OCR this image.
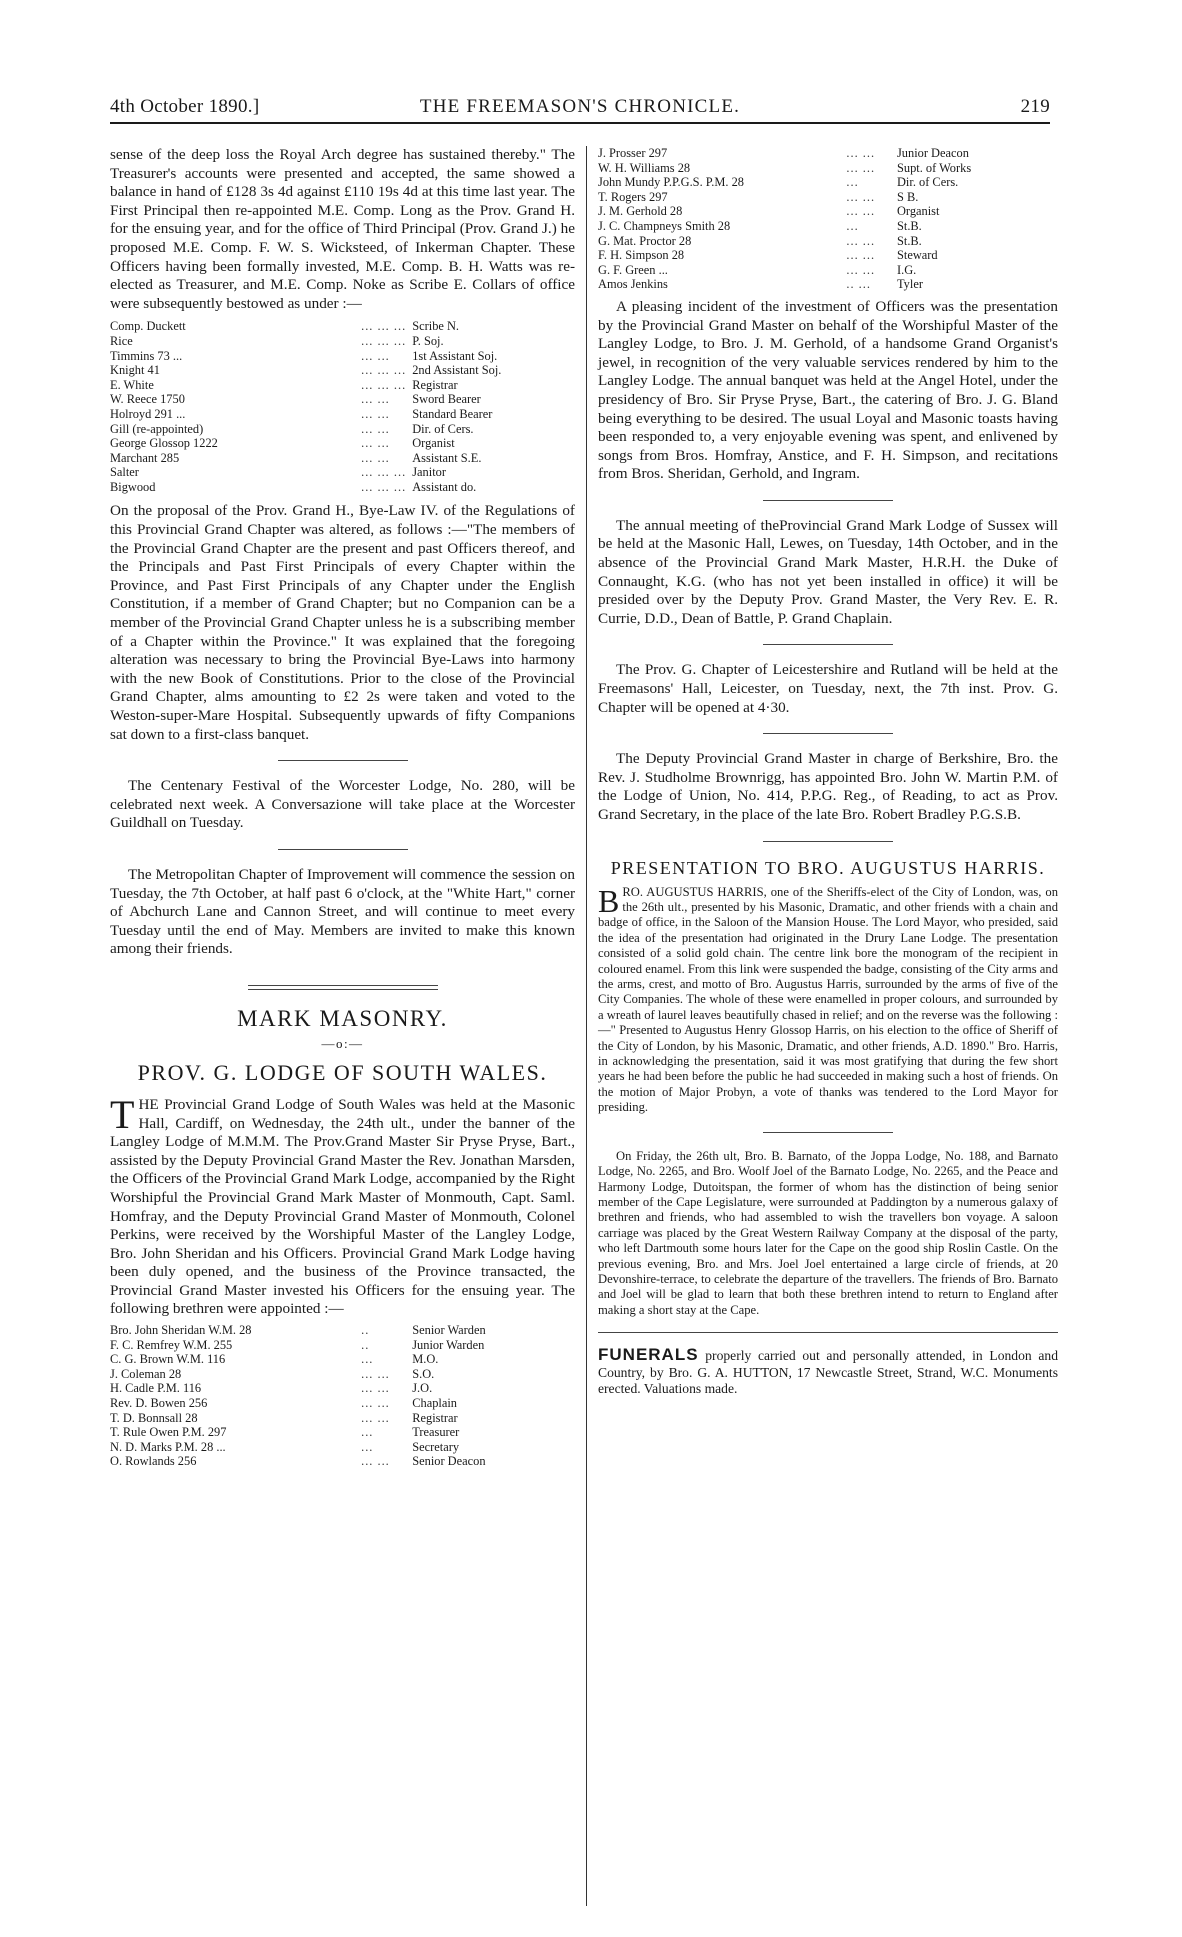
4th October 1890.]	THE FREEMASON'S CHRONICLE.	219

sense of the deep loss the Royal Arch degree has sustained thereby." The Treasurer's accounts were presented and accepted, the same showed a balance in hand of £128 3s 4d against £110 19s 4d at this time last year. The First Principal then re-appointed M.E. Comp. Long as the Prov. Grand H. for the ensuing year, and for the office of Third Principal (Prov. Grand J.) he proposed M.E. Comp. F. W. S. Wicksteed, of Inkerman Chapter. These Officers having been formally invested, M.E. Comp. B. H. Watts was re-elected as Treasurer, and M.E. Comp. Noke as Scribe E. Collars of office were subsequently bestowed as under :—

Comp. Duckett	... ... ...	Scribe N.
Rice	... ... ...	P. Soj.
Timmins 73 ...	... ...	1st Assistant Soj.
Knight 41	... ... ...	2nd Assistant Soj.
E. White	... ... ...	Registrar
W. Reece 1750	... ...	Sword Bearer
Holroyd 291 ...	... ...	Standard Bearer
Gill (re-appointed)	... ...	Dir. of Cers.
George Glossop 1222	... ...	Organist
Marchant 285	... ...	Assistant S.E.
Salter	... ... ...	Janitor
Bigwood	... ... ...	Assistant do.

On the proposal of the Prov. Grand H., Bye-Law IV. of the Regulations of this Provincial Grand Chapter was altered, as follows :—"The members of the Provincial Grand Chapter are the present and past Officers thereof, and the Principals and Past First Principals of every Chapter within the Province, and Past First Principals of any Chapter under the English Constitution, if a member of Grand Chapter; but no Companion can be a member of the Provincial Grand Chapter unless he is a subscribing member of a Chapter within the Province." It was explained that the foregoing alteration was necessary to bring the Provincial Bye-Laws into harmony with the new Book of Constitutions. Prior to the close of the Provincial Grand Chapter, alms amounting to £2 2s were taken and voted to the Weston-super-Mare Hospital. Subsequently upwards of fifty Companions sat down to a first-class banquet.

The Centenary Festival of the Worcester Lodge, No. 280, will be celebrated next week. A Conversazione will take place at the Worcester Guildhall on Tuesday.

The Metropolitan Chapter of Improvement will commence the session on Tuesday, the 7th October, at half past 6 o'clock, at the "White Hart," corner of Abchurch Lane and Cannon Street, and will continue to meet every Tuesday until the end of May. Members are invited to make this known among their friends.

MARK MASONRY.
—o:—
PROV. G. LODGE OF SOUTH WALES.

THE Provincial Grand Lodge of South Wales was held at the Masonic Hall, Cardiff, on Wednesday, the 24th ult., under the banner of the Langley Lodge of M.M.M. The Prov.Grand Master Sir Pryse Pryse, Bart., assisted by the Deputy Provincial Grand Master the Rev. Jonathan Marsden, the Officers of the Provincial Grand Mark Lodge, accompanied by the Right Worshipful the Provincial Grand Mark Master of Monmouth, Capt. Saml. Homfray, and the Deputy Provincial Grand Master of Monmouth, Colonel Perkins, were received by the Worshipful Master of the Langley Lodge, Bro. John Sheridan and his Officers. Provincial Grand Mark Lodge having been duly opened, and the business of the Province transacted, the Provincial Grand Master invested his Officers for the ensuing year. The following brethren were appointed :—

Bro. John Sheridan W.M. 28	..	Senior Warden
F. C. Remfrey W.M. 255	..	Junior Warden
C. G. Brown W.M. 116	...	M.O.
J. Coleman 28	... ...	S.O.
H. Cadle P.M. 116	... ...	J.O.
Rev. D. Bowen 256	... ...	Chaplain
T. D. Bonnsall 28	... ...	Registrar
T. Rule Owen P.M. 297	...	Treasurer
N. D. Marks P.M. 28 ...	...	Secretary
O. Rowlands 256	... ...	Senior Deacon
J. Prosser 297	... ...	Junior Deacon
W. H. Williams 28	... ...	Supt. of Works
John Mundy P.P.G.S. P.M. 28	...	Dir. of Cers.
T. Rogers 297	... ...	S B.
J. M. Gerhold 28	... ...	Organist
J. C. Champneys Smith 28	...	St.B.
G. Mat. Proctor 28	... ...	St.B.
F. H. Simpson 28	... ...	Steward
G. F. Green ...	... ...	I.G.
Amos Jenkins	.. ...	Tyler

A pleasing incident of the investment of Officers was the presentation by the Provincial Grand Master on behalf of the Worshipful Master of the Langley Lodge, to Bro. J. M. Gerhold, of a handsome Grand Organist's jewel, in recognition of the very valuable services rendered by him to the Langley Lodge. The annual banquet was held at the Angel Hotel, under the presidency of Bro. Sir Pryse Pryse, Bart., the catering of Bro. J. G. Bland being everything to be desired. The usual Loyal and Masonic toasts having been responded to, a very enjoyable evening was spent, and enlivened by songs from Bros. Homfray, Anstice, and F. H. Simpson, and recitations from Bros. Sheridan, Gerhold, and Ingram.

The annual meeting of theProvincial Grand Mark Lodge of Sussex will be held at the Masonic Hall, Lewes, on Tuesday, 14th October, and in the absence of the Provincial Grand Mark Master, H.R.H. the Duke of Connaught, K.G. (who has not yet been installed in office) it will be presided over by the Deputy Prov. Grand Master, the Very Rev. E. R. Currie, D.D., Dean of Battle, P. Grand Chaplain.

The Prov. G. Chapter of Leicestershire and Rutland will be held at the Freemasons' Hall, Leicester, on Tuesday, next, the 7th inst. Prov. G. Chapter will be opened at 4·30.

The Deputy Provincial Grand Master in charge of Berkshire, Bro. the Rev. J. Studholme Brownrigg, has appointed Bro. John W. Martin P.M. of the Lodge of Union, No. 414, P.P.G. Reg., of Reading, to act as Prov. Grand Secretary, in the place of the late Bro. Robert Bradley P.G.S.B.

PRESENTATION TO BRO. AUGUSTUS HARRIS.

BRO. AUGUSTUS HARRIS, one of the Sheriffs-elect of the City of London, was, on the 26th ult., presented by his Masonic, Dramatic, and other friends with a chain and badge of office, in the Saloon of the Mansion House. The Lord Mayor, who presided, said the idea of the presentation had originated in the Drury Lane Lodge. The presentation consisted of a solid gold chain. The centre link bore the monogram of the recipient in coloured enamel. From this link were suspended the badge, consisting of the City arms and the arms, crest, and motto of Bro. Augustus Harris, surrounded by the arms of five of the City Companies. The whole of these were enamelled in proper colours, and surrounded by a wreath of laurel leaves beautifully chased in relief; and on the reverse was the following :—" Presented to Augustus Henry Glossop Harris, on his election to the office of Sheriff of the City of London, by his Masonic, Dramatic, and other friends, A.D. 1890." Bro. Harris, in acknowledging the presentation, said it was most gratifying that during the few short years he had been before the public he had succeeded in making such a host of friends. On the motion of Major Probyn, a vote of thanks was tendered to the Lord Mayor for presiding.

On Friday, the 26th ult, Bro. B. Barnato, of the Joppa Lodge, No. 188, and Barnato Lodge, No. 2265, and Bro. Woolf Joel of the Barnato Lodge, No. 2265, and the Peace and Harmony Lodge, Dutoitspan, the former of whom has the distinction of being senior member of the Cape Legislature, were surrounded at Paddington by a numerous galaxy of brethren and friends, who had assembled to wish the travellers bon voyage. A saloon carriage was placed by the Great Western Railway Company at the disposal of the party, who left Dartmouth some hours later for the Cape on the good ship Roslin Castle. On the previous evening, Bro. and Mrs. Joel Joel entertained a large circle of friends, at 20 Devonshire-terrace, to celebrate the departure of the travellers. The friends of Bro. Barnato and Joel will be glad to learn that both these brethren intend to return to England after making a short stay at the Cape.

FUNERALS properly carried out and personally attended, in London and Country, by Bro. G. A. HUTTON, 17 Newcastle Street, Strand, W.C. Monuments erected. Valuations made.
